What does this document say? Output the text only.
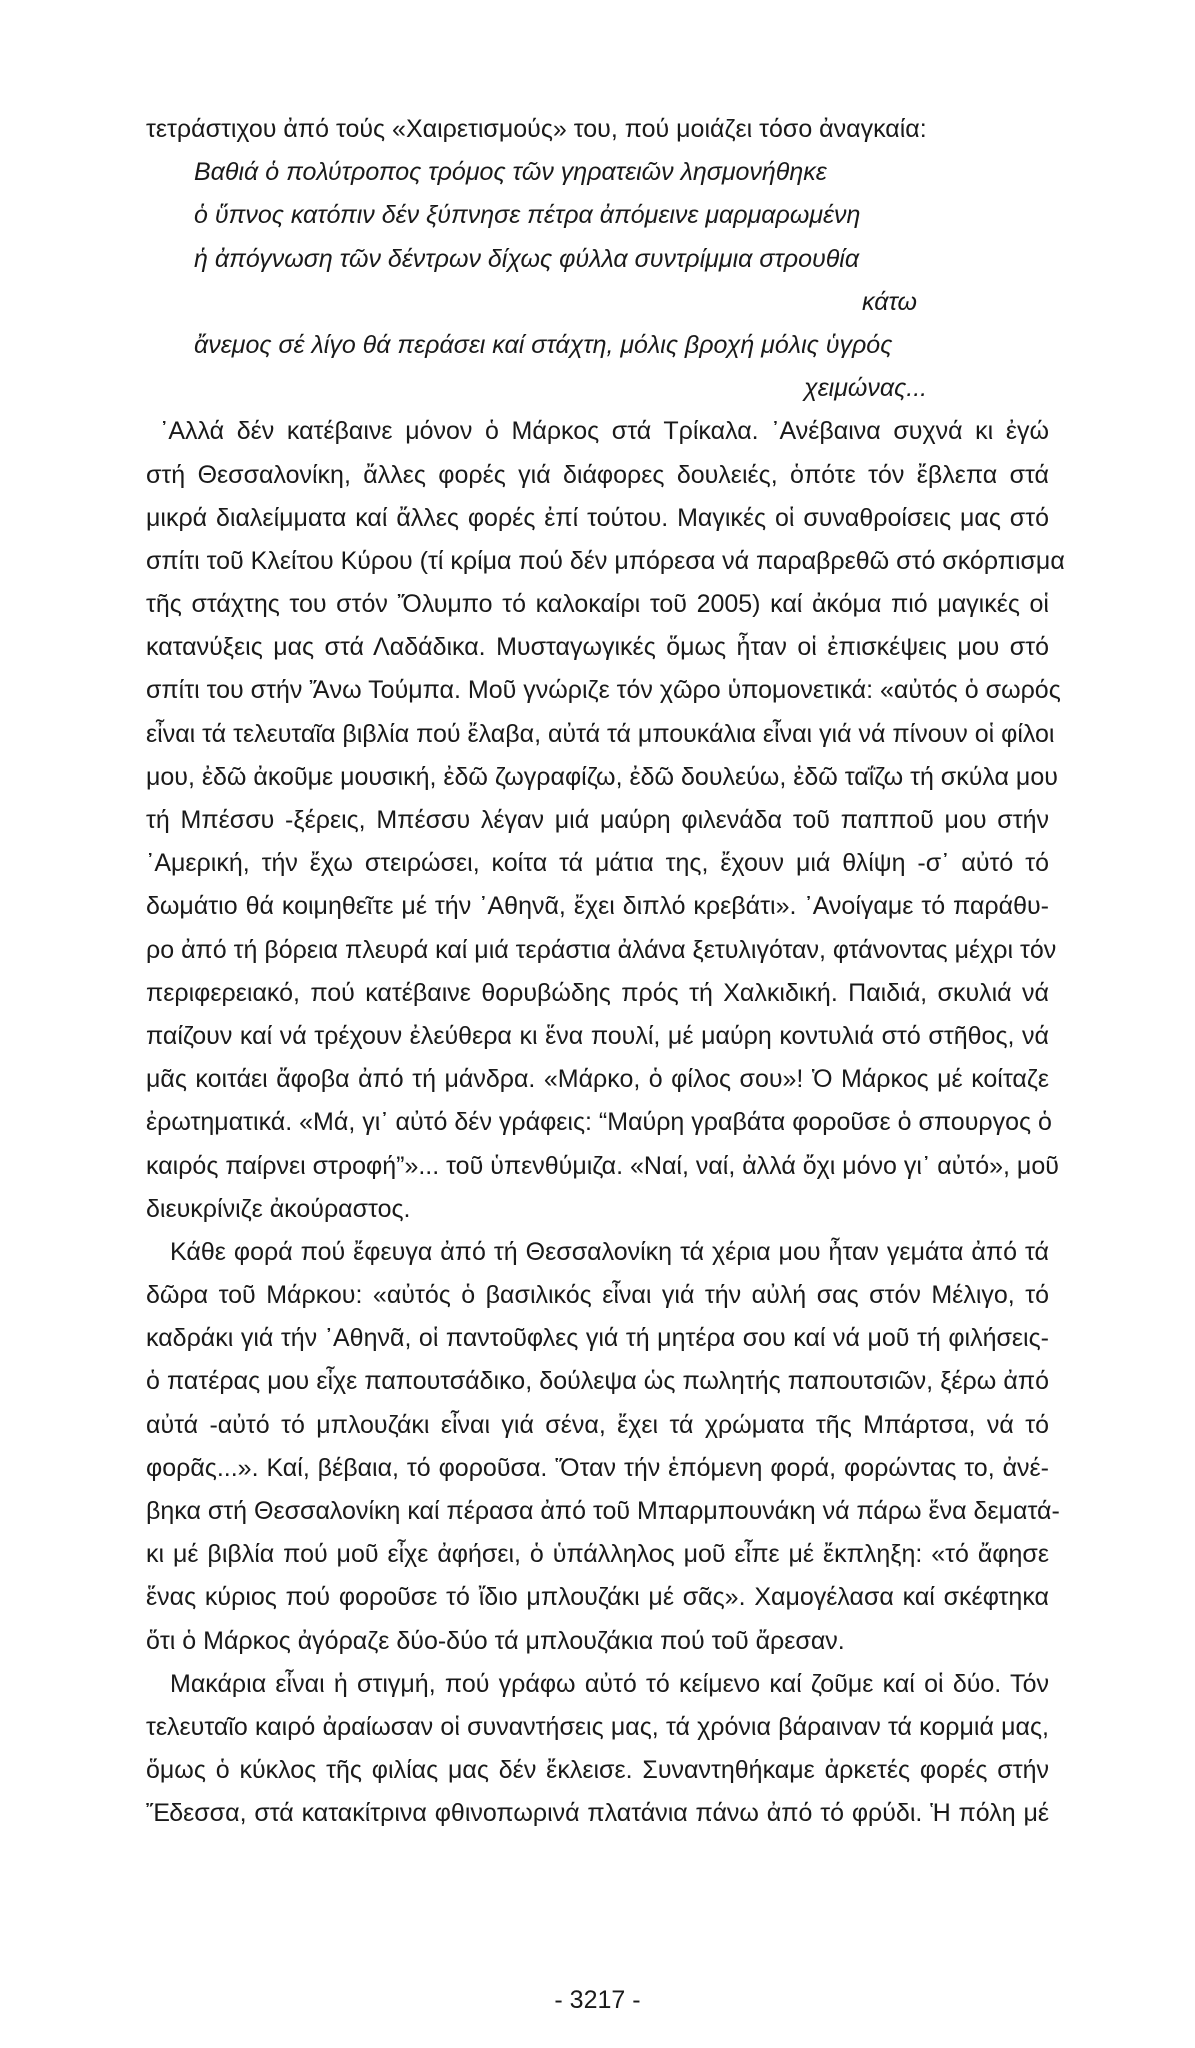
τετράστιχου ἀπό τούς «Χαιρετισμούς» του, πού μοιάζει τόσο ἀναγκαία:
Βαθιά ὁ πολύτροπος τρόμος τῶν γηρατειῶν λησμονήθηκε
ὁ ὕπνος κατόπιν δέν ξύπνησε πέτρα ἀπόμεινε μαρμαρωμένη
ἡ ἀπόγνωση τῶν δέντρων δίχως φύλλα συντρίμμια στρουθία
κάτω
ἄνεμος σέ λίγο θά περάσει καί στάχτη, μόλις βροχή μόλις ὑγρός
χειμώνας...
᾿Αλλά δέν κατέβαινε μόνον ὁ Μάρκος στά Τρίκαλα. ᾿Ανέβαινα συχνά κι ἐγώ
στή Θεσσαλονίκη, ἄλλες φορές γιά διάφορες δουλειές, ὁπότε τόν ἔβλεπα στά
μικρά διαλείμματα καί ἄλλες φορές ἐπί τούτου. Μαγικές οἱ συναθροίσεις μας στό
σπίτι τοῦ Κλείτου Κύρου (τί κρίμα πού δέν μπόρεσα νά παραβρεθῶ στό σκόρπισμα
τῆς στάχτης του στόν Ὄλυμπο τό καλοκαίρι τοῦ 2005) καί ἀκόμα πιό μαγικές οἱ
κατανύξεις μας στά Λαδάδικα. Μυσταγωγικές ὅμως ἦταν οἱ ἐπισκέψεις μου στό
σπίτι του στήν Ἄνω Τούμπα. Μοῦ γνώριζε τόν χῶρο ὑπομονετικά: «αὐτός ὁ σωρός
εἶναι τά τελευταῖα βιβλία πού ἔλαβα, αὐτά τά μπουκάλια εἶναι γιά νά πίνουν οἱ φίλοι
μου, ἐδῶ ἀκοῦμε μουσική, ἐδῶ ζωγραφίζω, ἐδῶ δουλεύω, ἐδῶ ταΐζω τή σκύλα μου
τή Μπέσσυ -ξέρεις, Μπέσσυ λέγαν μιά μαύρη φιλενάδα τοῦ παπποῦ μου στήν
᾿Αμερική, τήν ἔχω στειρώσει, κοίτα τά μάτια της, ἔχουν μιά θλίψη -σ᾿ αὐτό τό
δωμάτιο θά κοιμηθεῖτε μέ τήν ᾿Αθηνᾶ, ἔχει διπλό κρεβάτι». ᾿Ανοίγαμε τό παράθυ-
ρο ἀπό τή βόρεια πλευρά καί μιά τεράστια ἀλάνα ξετυλιγόταν, φτάνοντας μέχρι τόν
περιφερειακό, πού κατέβαινε θορυβώδης πρός τή Χαλκιδική. Παιδιά, σκυλιά νά
παίζουν καί νά τρέχουν ἐλεύθερα κι ἕνα πουλί, μέ μαύρη κοντυλιά στό στῆθος, νά
μᾶς κοιτάει ἄφοβα ἀπό τή μάνδρα. «Μάρκο, ὁ φίλος σου»! Ὁ Μάρκος μέ κοίταζε
ἐρωτηματικά. «Μά, γι᾿ αὐτό δέν γράφεις: “Μαύρη γραβάτα φοροῦσε ὁ σπουργος ὁ
καιρός παίρνει στροφή”»... τοῦ ὑπενθύμιζα. «Ναί, ναί, ἀλλά ὄχι μόνο γι᾿ αὐτό», μοῦ
διευκρίνιζε ἀκούραστος.
Κάθε φορά πού ἔφευγα ἀπό τή Θεσσαλονίκη τά χέρια μου ἦταν γεμάτα ἀπό τά
δῶρα τοῦ Μάρκου: «αὐτός ὁ βασιλικός εἶναι γιά τήν αὐλή σας στόν Μέλιγο, τό
καδράκι γιά τήν ᾿Αθηνᾶ, οἱ παντοῦφλες γιά τή μητέρα σου καί νά μοῦ τή φιλήσεις-
ὁ πατέρας μου εἶχε παπουτσάδικο, δούλεψα ὡς πωλητής παπουτσιῶν, ξέρω ἀπό
αὐτά -αὐτό τό μπλουζάκι εἶναι γιά σένα, ἔχει τά χρώματα τῆς Μπάρτσα, νά τό
φορᾶς...». Καί, βέβαια, τό φοροῦσα. Ὅταν τήν ἑπόμενη φορά, φορώντας το, ἀνέ-
βηκα στή Θεσσαλονίκη καί πέρασα ἀπό τοῦ Μπαρμπουνάκη νά πάρω ἕνα δεματά-
κι μέ βιβλία πού μοῦ εἶχε ἀφήσει, ὁ ὑπάλληλος μοῦ εἶπε μέ ἔκπληξη: «τό ἄφησε
ἕνας κύριος πού φοροῦσε τό ἴδιο μπλουζάκι μέ σᾶς». Χαμογέλασα καί σκέφτηκα
ὅτι ὁ Μάρκος ἀγόραζε δύο-δύο τά μπλουζάκια πού τοῦ ἄρεσαν.
Μακάρια εἶναι ἡ στιγμή, πού γράφω αὐτό τό κείμενο καί ζοῦμε καί οἱ δύο. Τόν
τελευταῖο καιρό ἀραίωσαν οἱ συναντήσεις μας, τά χρόνια βάραιναν τά κορμιά μας,
ὅμως ὁ κύκλος τῆς φιλίας μας δέν ἔκλεισε. Συναντηθήκαμε ἀρκετές φορές στήν
Ἔδεσσα, στά κατακίτρινα φθινοπωρινά πλατάνια πάνω ἀπό τό φρύδι. Ἡ πόλη μέ
- 3217 -
